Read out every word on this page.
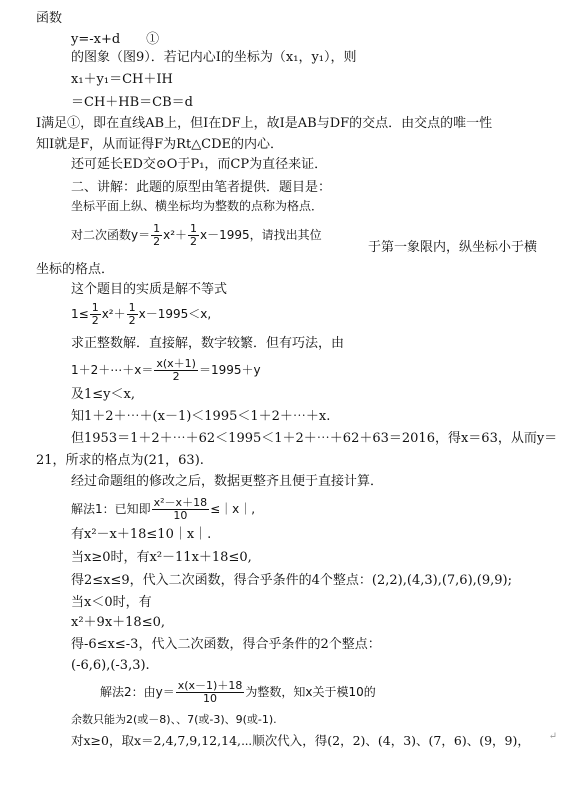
函数
y=-x+d　　①
的图象（图9）．若记内心I的坐标为（x₁，y₁），则
x₁＋y₁＝CH＋IH
＝CH＋HB＝CB＝d
I满足①，即在直线AB上，但I在DF上，故I是AB与DF的交点．由交点的唯一性
知I就是F，从而证得F为Rt△CDE的内心．
还可延长ED交⊙O于P₁，而CP为直径来证．
二、讲解：此题的原型由笔者提供．题目是：
坐标平面上纵、横坐标均为整数的点称为格点．
对二次函数$y= \frac{1}{2} x^2+ \frac{1}{2} x-1995$，请找出其位
于第一象限内，纵坐标小于横
坐标的格点．
这个题目的实质是解不等式
$1\le \frac{1}{2} x^2+ \frac{1}{2} x-1995<x$,
求正整数解．直接解，数字较繁．但有巧法，由
1＋2＋⋯＋x＝ $\frac{x(x+1)}{2} =1995+y$
及1≤y＜x,
知1＋2＋⋯＋(x－1)＜1995＜1＋2＋⋯＋x.
但1953＝1＋2＋⋯＋62＜1995＜1＋2＋⋯＋62＋63＝2016，得x＝63，从而y＝
21，所求的格点为(21，63).
经过命题组的修改之后，数据更整齐且便于直接计算．
解法1：已知即 $\frac{\text{x²－x＋18}}{10}$ ≤｜x｜,
有x²－x＋18≤10｜x｜.
当x≥0时，有x²－11x＋18≤0,
得2≤x≤9，代入二次函数，得合乎条件的4个整点：(2,2),(4,3),(7,6),(9,9);
当x＜0时，有
x²＋9x＋18≤0,
得-6≤x≤-3，代入二次函数，得合乎条件的2个整点：
(-6,6),(-3,3).
解法2：由$y= \frac{x(x-1)+18}{10}$ 为整数，知x关于模10的
余数只能为2(或－8)、、7(或-3)、9(或-1).
对x≥0，取x＝2,4,7,9,12,14,⋯顺次代入，得(2，2)、(4，3)、(7，6)、(9，9)， ↵
